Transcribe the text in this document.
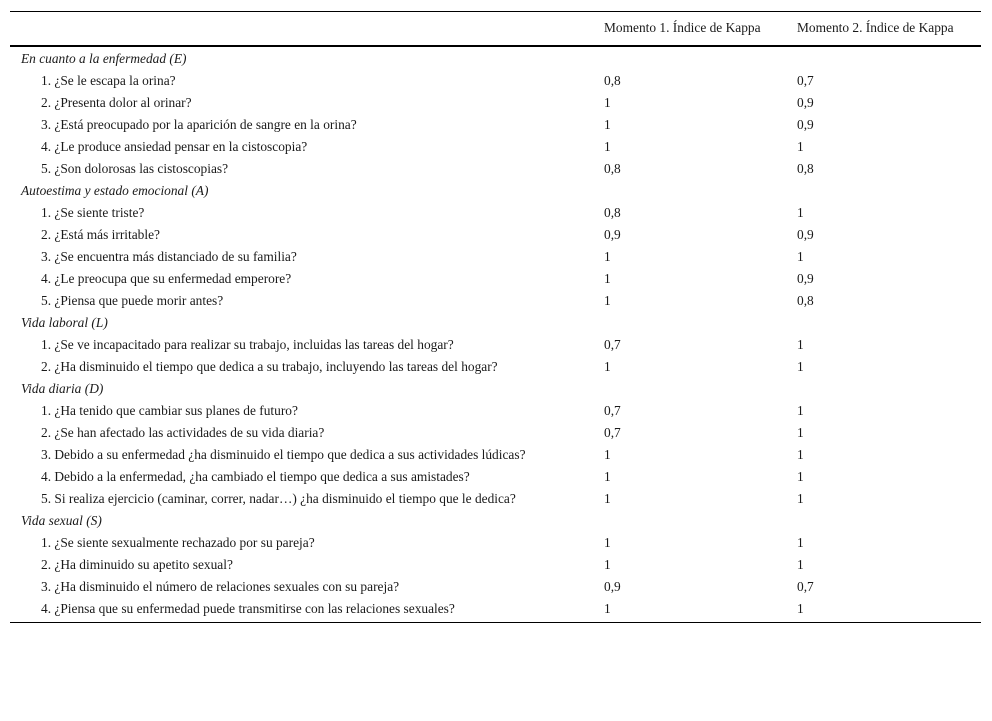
	Momento 1. Índice de Kappa	Momento 2. Índice de Kappa
En cuanto a la enfermedad (E)		
1. ¿Se le escapa la orina?	0,8	0,7
2. ¿Presenta dolor al orinar?	1	0,9
3. ¿Está preocupado por la aparición de sangre en la orina?	1	0,9
4. ¿Le produce ansiedad pensar en la cistoscopia?	1	1
5. ¿Son dolorosas las cistoscopias?	0,8	0,8
Autoestima y estado emocional (A)		
1. ¿Se siente triste?	0,8	1
2. ¿Está más irritable?	0,9	0,9
3. ¿Se encuentra más distanciado de su familia?	1	1
4. ¿Le preocupa que su enfermedad emperore?	1	0,9
5. ¿Piensa que puede morir antes?	1	0,8
Vida laboral (L)		
1. ¿Se ve incapacitado para realizar su trabajo, incluidas las tareas del hogar?	0,7	1
2. ¿Ha disminuido el tiempo que dedica a su trabajo, incluyendo las tareas del hogar?	1	1
Vida diaria (D)		
1. ¿Ha tenido que cambiar sus planes de futuro?	0,7	1
2. ¿Se han afectado las actividades de su vida diaria?	0,7	1
3. Debido a su enfermedad ¿ha disminuido el tiempo que dedica a sus actividades lúdicas?	1	1
4. Debido a la enfermedad, ¿ha cambiado el tiempo que dedica a sus amistades?	1	1
5. Si realiza ejercicio (caminar, correr, nadar…) ¿ha disminuido el tiempo que le dedica?	1	1
Vida sexual (S)		
1. ¿Se siente sexualmente rechazado por su pareja?	1	1
2. ¿Ha diminuido su apetito sexual?	1	1
3. ¿Ha disminuido el número de relaciones sexuales con su pareja?	0,9	0,7
4. ¿Piensa que su enfermedad puede transmitirse con las relaciones sexuales?	1	1
